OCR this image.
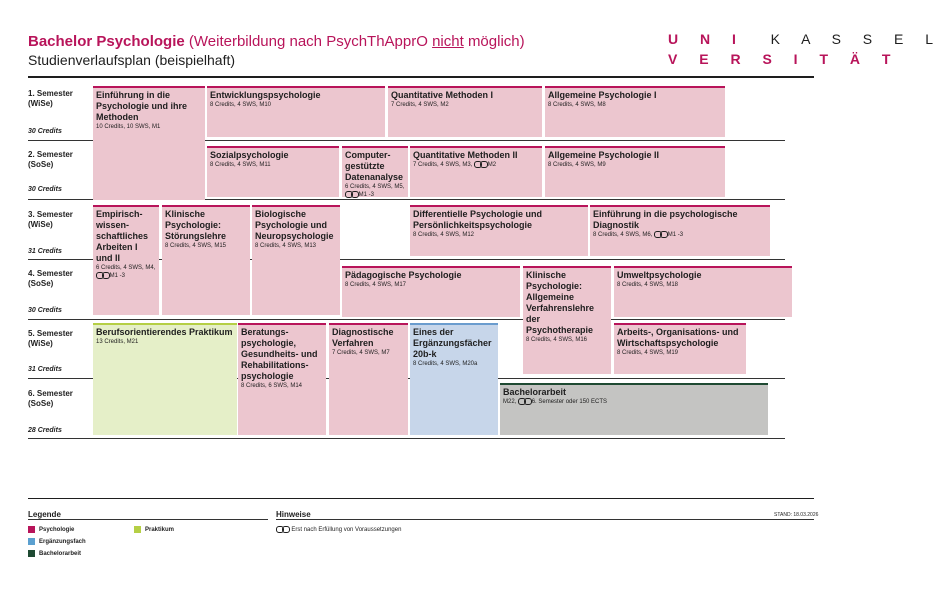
Bachelor Psychologie (Weiterbildung nach PsychThApprO nicht möglich)
Studienverlaufsplan (beispielhaft)
U N I K A S S E L
V E R S I T Ä T
1. Semester
(WiSe)
30 Credits
2. Semester
(SoSe)
30 Credits
3. Semester
(WiSe)
31 Credits
4. Semester
(SoSe)
30 Credits
5. Semester
(WiSe)
31 Credits
6. Semester
(SoSe)
28 Credits
Einführung in die Psychologie und ihre Methoden
10 Credits, 10 SWS, M1
Entwicklungspsychologie
8 Credits, 4 SWS, M10
Quantitative Methoden I
7 Credits, 4 SWS, M2
Allgemeine Psychologie I
8 Credits, 4 SWS, M8
Sozialpsychologie
8 Credits, 4 SWS, M11
Computer-gestützte Datenanalyse
6 Credits, 4 SWS, M5,
M1 -3
Quantitative Methoden II
7 Credits, 4 SWS, M3,	M2
Allgemeine Psychologie II
8 Credits, 4 SWS, M9
Empirisch-wissen-schaftliches Arbeiten I und II
6 Credits, 4 SWS, M4,
M1 -3
Klinische Psychologie: Störungslehre
8 Credits, 4 SWS, M15
Biologische Psychologie und Neuropsychologie
8 Credits, 4 SWS, M13
Differentielle Psychologie und Persönlichkeitspsychologie
8 Credits, 4 SWS, M12
Einführung in die psychologische Diagnostik
8 Credits, 4 SWS, M6,	M1 -3
Pädagogische Psychologie
8 Credits, 4 SWS, M17
Klinische Psychologie: Allgemeine Verfahrenslehre der Psychotherapie
8 Credits, 4 SWS, M16
Umweltpsychologie
8 Credits, 4 SWS, M18
Berufsorientierendes Praktikum
13 Credits, M21
Beratungs-psychologie, Gesundheits- und Rehabilitations-psychologie
8 Credits, 6 SWS, M14
Diagnostische Verfahren
7 Credits, 4 SWS, M7
Eines der Ergänzungsfächer 20b-k
8 Credits, 4 SWS, M20a
Arbeits-, Organisations- und Wirtschaftspsychologie
8 Credits, 4 SWS, M19
Bachelorarbeit
M22,	6. Semester oder 150 ECTS
Legende
Psychologie	Praktikum
Ergänzungsfach
Bachelorarbeit
Hinweise
Erst nach Erfüllung von Voraussetzungen
STAND: 18.03.2026
